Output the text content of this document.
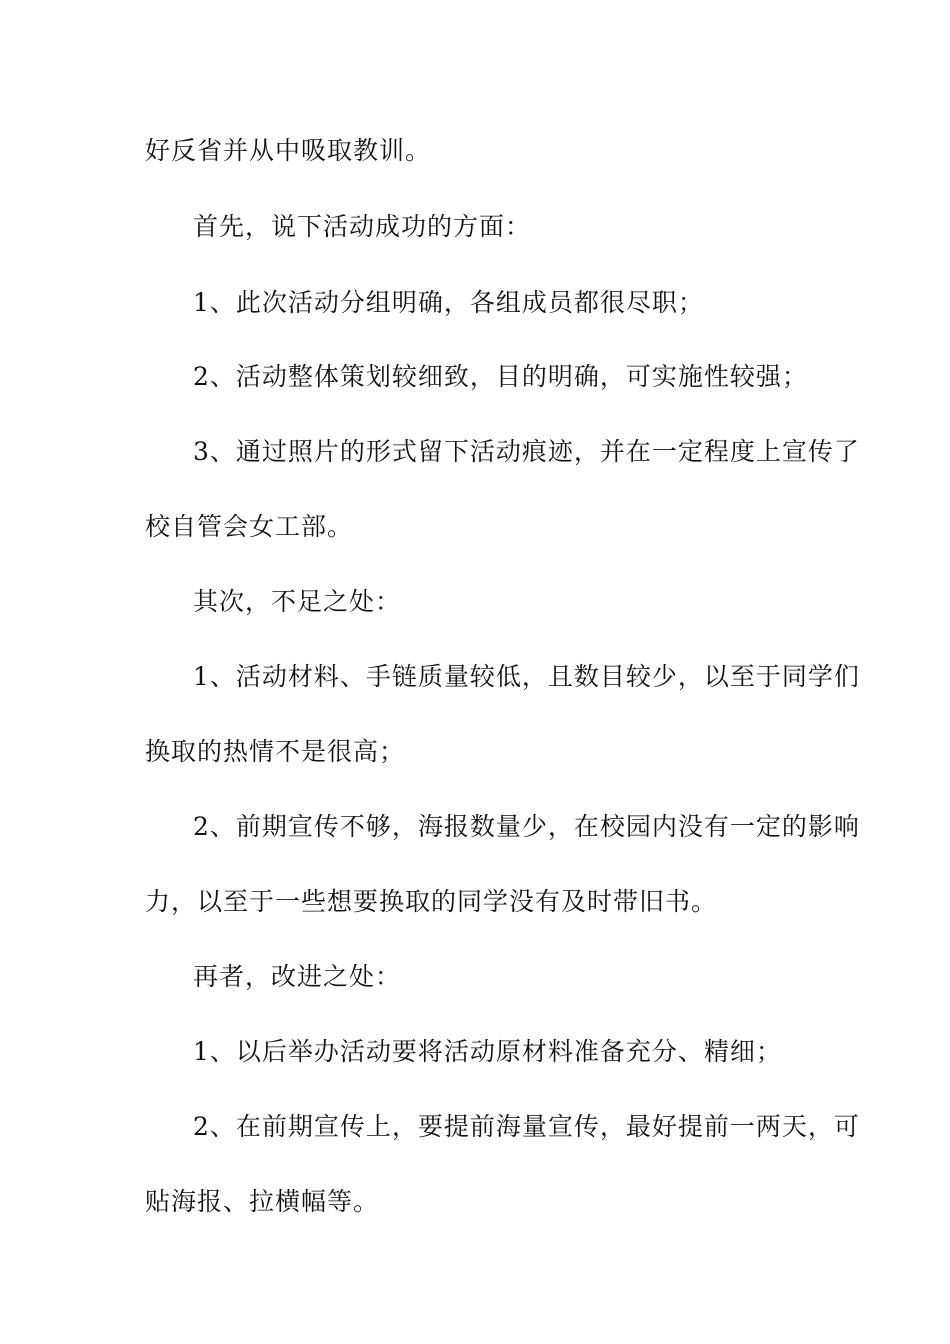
好反省并从中吸取教训。
首先，说下活动成功的方面：
1、此次活动分组明确，各组成员都很尽职；
2、活动整体策划较细致，目的明确，可实施性较强；
3、通过照片的形式留下活动痕迹，并在一定程度上宣传了
校自管会女工部。
其次，不足之处：
1、活动材料、手链质量较低，且数目较少，以至于同学们
换取的热情不是很高；
2、前期宣传不够，海报数量少，在校园内没有一定的影响
力，以至于一些想要换取的同学没有及时带旧书。
再者，改进之处：
1、以后举办活动要将活动原材料准备充分、精细；
2、在前期宣传上，要提前海量宣传，最好提前一两天，可
贴海报、拉横幅等。
